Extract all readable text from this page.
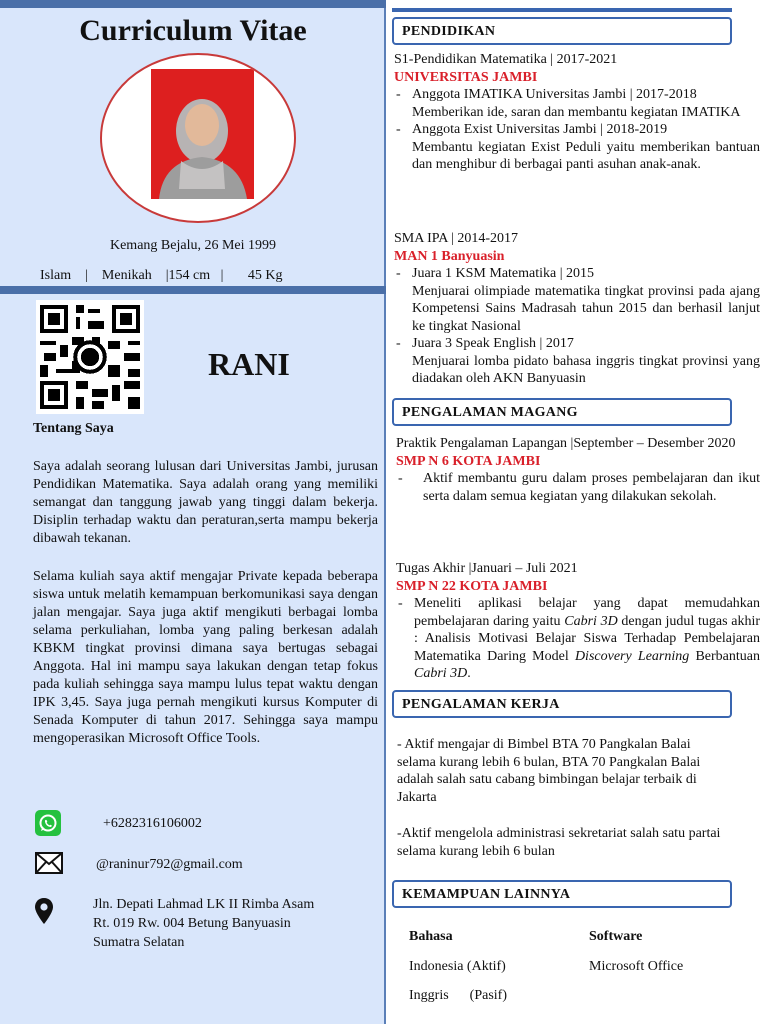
Curriculum Vitae
Kemang Bejalu, 26 Mei 1999
Islam    |    Menikah    |154 cm   |       45 Kg
RANI
Tentang Saya
Saya adalah seorang lulusan dari Universitas Jambi, jurusan Pendidikan Matematika. Saya adalah orang yang memiliki semangat dan tanggung jawab yang tinggi dalam bekerja. Disiplin terhadap waktu dan peraturan,serta mampu bekerja dibawah tekanan.
Selama kuliah saya aktif mengajar Private kepada beberapa siswa untuk melatih kemampuan berkomunikasi saya dengan jalan mengajar. Saya juga aktif mengikuti berbagai lomba selama perkuliahan, lomba yang paling berkesan adalah KBKM tingkat provinsi dimana saya bertugas sebagai Anggota. Hal ini mampu saya lakukan dengan tetap fokus pada kuliah sehingga saya mampu lulus tepat waktu dengan IPK 3,45. Saya juga pernah mengikuti kursus Komputer di Senada Komputer di tahun 2017. Sehingga saya mampu mengoperasikan Microsoft Office Tools.
+6282316106002
@raninur792@gmail.com
Jln. Depati Lahmad LK II Rimba Asam
Rt. 019 Rw. 004 Betung Banyuasin
Sumatra Selatan
PENDIDIKAN
S1-Pendidikan Matematika | 2017-2021
UNIVERSITAS JAMBI
- Anggota IMATIKA Universitas Jambi | 2017-2018
Memberikan ide, saran dan membantu kegiatan IMATIKA
- Anggota Exist Universitas Jambi | 2018-2019
Membantu kegiatan Exist Peduli yaitu memberikan bantuan dan menghibur di berbagai panti asuhan anak-anak.
SMA IPA | 2014-2017
MAN 1 Banyuasin
- Juara 1 KSM Matematika | 2015
Menjuarai olimpiade matematika tingkat provinsi pada ajang Kompetensi Sains Madrasah tahun 2015 dan berhasil lanjut ke tingkat Nasional
- Juara 3 Speak English | 2017
Menjuarai lomba pidato bahasa inggris tingkat provinsi yang diadakan oleh AKN Banyuasin
PENGALAMAN MAGANG
Praktik Pengalaman Lapangan |September – Desember 2020
SMP N 6 KOTA JAMBI
- Aktif membantu guru dalam proses pembelajaran dan ikut serta dalam semua kegiatan yang dilakukan sekolah.
Tugas Akhir |Januari – Juli 2021
SMP N 22 KOTA JAMBI
- Meneliti aplikasi belajar yang dapat memudahkan pembelajaran daring yaitu Cabri 3D dengan judul tugas akhir : Analisis Motivasi Belajar Siswa Terhadap Pembelajaran Matematika Daring Model Discovery Learning Berbantuan Cabri 3D.
PENGALAMAN KERJA
- Aktif mengajar di Bimbel BTA 70 Pangkalan Balai selama kurang lebih 6 bulan, BTA 70 Pangkalan Balai adalah salah satu cabang bimbingan belajar terbaik di Jakarta
-Aktif mengelola administrasi sekretariat salah satu partai selama kurang lebih 6 bulan
KEMAMPUAN LAINNYA
Bahasa	Software
Indonesia (Aktif)
Inggris      (Pasif)
Microsoft Office
